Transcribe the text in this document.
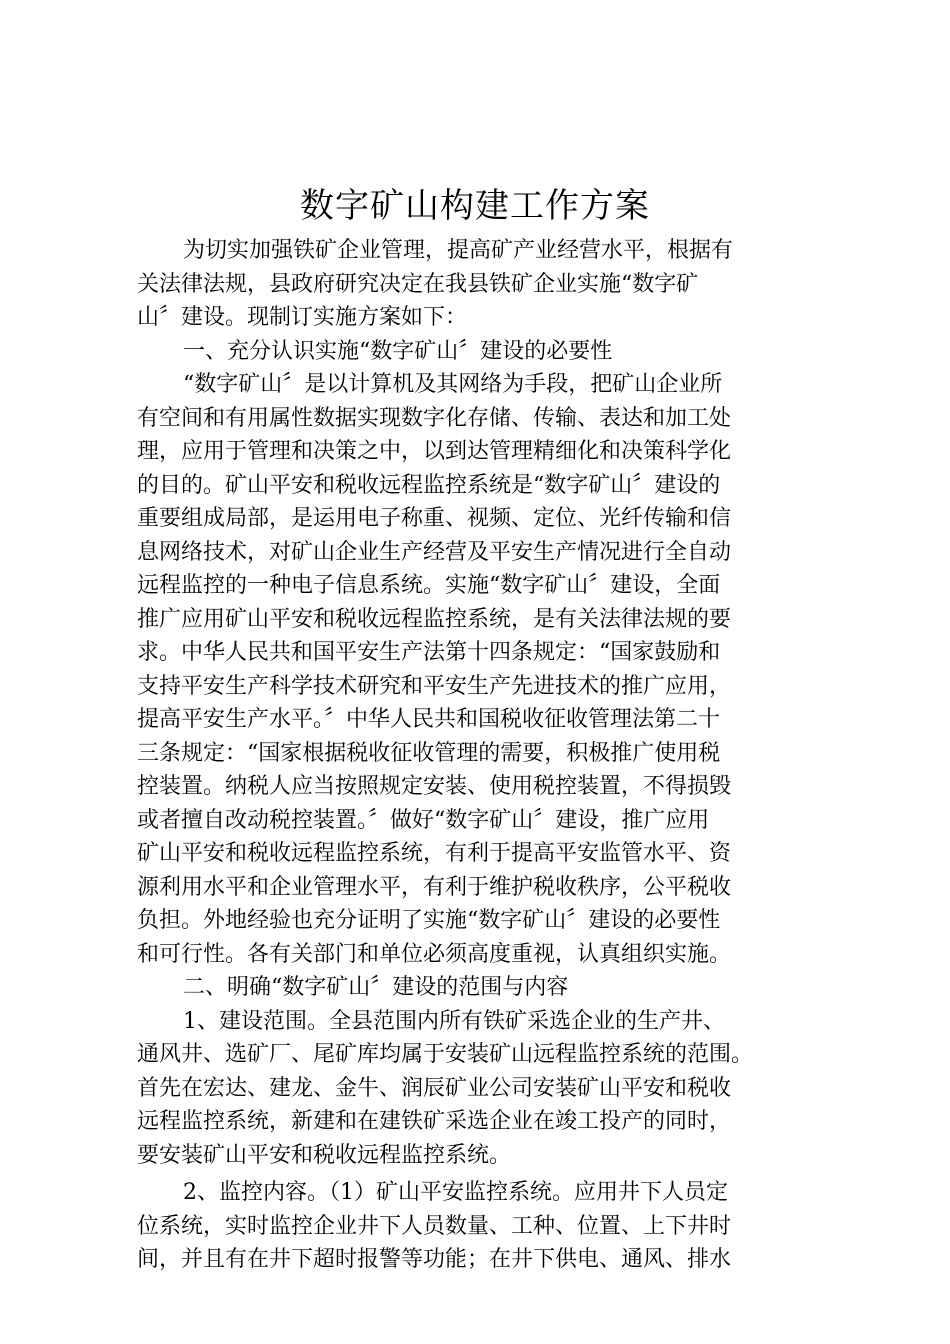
数字矿山构建工作方案
为切实加强铁矿企业管理，提高矿产业经营水平，根据有
关法律法规，县政府研究决定在我县铁矿企业实施“数字矿
山〞建设。现制订实施方案如下：
一、充分认识实施“数字矿山〞建设的必要性
“数字矿山〞是以计算机及其网络为手段，把矿山企业所
有空间和有用属性数据实现数字化存储、传输、表达和加工处
理，应用于管理和决策之中，以到达管理精细化和决策科学化
的目的。矿山平安和税收远程监控系统是“数字矿山〞建设的
重要组成局部，是运用电子称重、视频、定位、光纤传输和信
息网络技术，对矿山企业生产经营及平安生产情况进行全自动
远程监控的一种电子信息系统。实施“数字矿山〞建设，全面
推广应用矿山平安和税收远程监控系统，是有关法律法规的要
求。中华人民共和国平安生产法第十四条规定：“国家鼓励和
支持平安生产科学技术研究和平安生产先进技术的推广应用，
提高平安生产水平。〞中华人民共和国税收征收管理法第二十
三条规定：“国家根据税收征收管理的需要，积极推广使用税
控装置。纳税人应当按照规定安装、使用税控装置，不得损毁
或者擅自改动税控装置。〞做好“数字矿山〞建设，推广应用
矿山平安和税收远程监控系统，有利于提高平安监管水平、资
源利用水平和企业管理水平，有利于维护税收秩序，公平税收
负担。外地经验也充分证明了实施“数字矿山〞建设的必要性
和可行性。各有关部门和单位必须高度重视，认真组织实施。
二、明确“数字矿山〞建设的范围与内容
1、建设范围。全县范围内所有铁矿采选企业的生产井、
通风井、选矿厂、尾矿库均属于安装矿山远程监控系统的范围。
首先在宏达、建龙、金牛、润辰矿业公司安装矿山平安和税收
远程监控系统，新建和在建铁矿采选企业在竣工投产的同时，
要安装矿山平安和税收远程监控系统。
2、监控内容。（1）矿山平安监控系统。应用井下人员定
位系统，实时监控企业井下人员数量、工种、位置、上下井时
间，并且有在井下超时报警等功能；在井下供电、通风、排水
